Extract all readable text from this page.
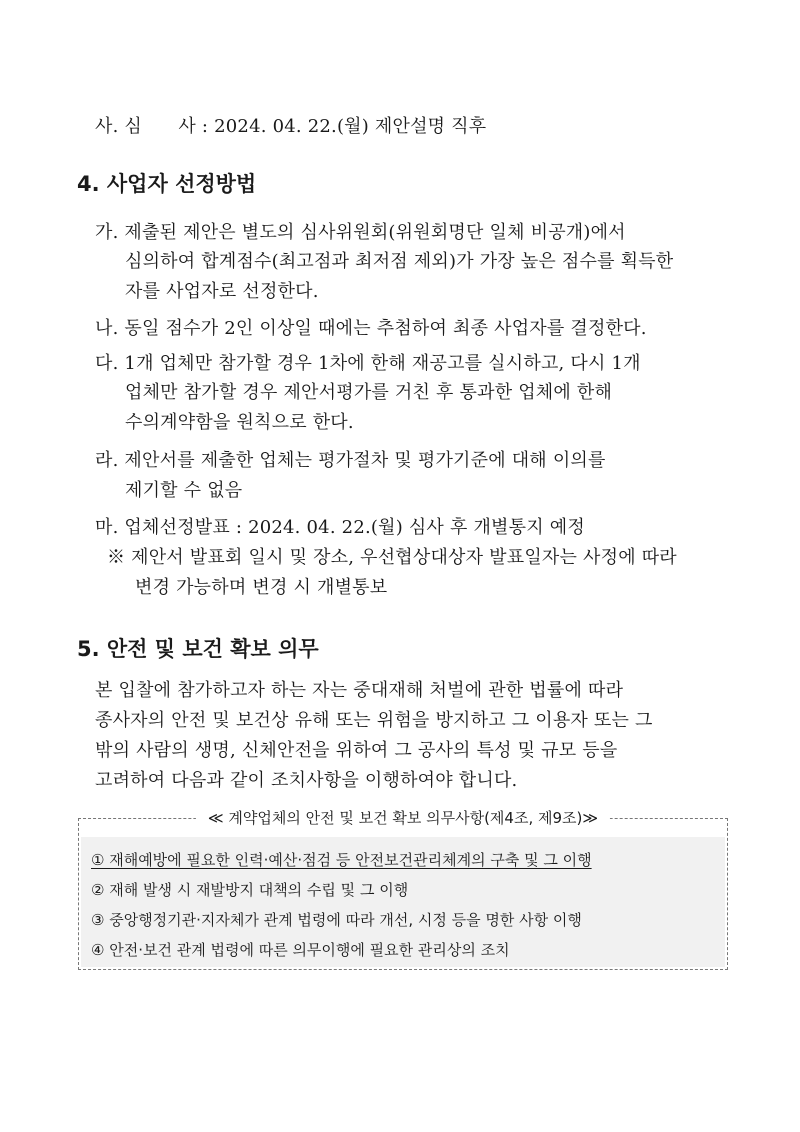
사. 심　　사 : 2024. 04. 22.(월) 제안설명 직후
4. 사업자 선정방법
가. 제출된 제안은 별도의 심사위원회(위원회명단 일체 비공개)에서
심의하여 합계점수(최고점과 최저점 제외)가 가장 높은 점수를 획득한
자를 사업자로 선정한다.
나. 동일 점수가 2인 이상일 때에는 추첨하여 최종 사업자를 결정한다.
다. 1개 업체만 참가할 경우 1차에 한해 재공고를 실시하고, 다시 1개
업체만 참가할 경우 제안서평가를 거친 후 통과한 업체에 한해
수의계약함을 원칙으로 한다.
라. 제안서를 제출한 업체는 평가절차 및 평가기준에 대해 이의를
제기할 수 없음
마. 업체선정발표 : 2024. 04. 22.(월) 심사 후 개별통지 예정
※ 제안서 발표회 일시 및 장소, 우선협상대상자 발표일자는 사정에 따라
변경 가능하며 변경 시 개별통보
5. 안전 및 보건 확보 의무
본 입찰에 참가하고자 하는 자는 중대재해 처벌에 관한 법률에 따라
종사자의 안전 및 보건상 유해 또는 위험을 방지하고 그 이용자 또는 그
밖의 사람의 생명, 신체안전을 위하여 그 공사의 특성 및 규모 등을
고려하여 다음과 같이 조치사항을 이행하여야 합니다.
≪ 계약업체의 안전 및 보건 확보 의무사항(제4조, 제9조)≫
① 재해예방에 필요한 인력·예산·점검 등 안전보건관리체계의 구축 및 그 이행
② 재해 발생 시 재발방지 대책의 수립 및 그 이행
③ 중앙행정기관·지자체가 관계 법령에 따라 개선, 시정 등을 명한 사항 이행
④ 안전·보건 관계 법령에 따른 의무이행에 필요한 관리상의 조치
